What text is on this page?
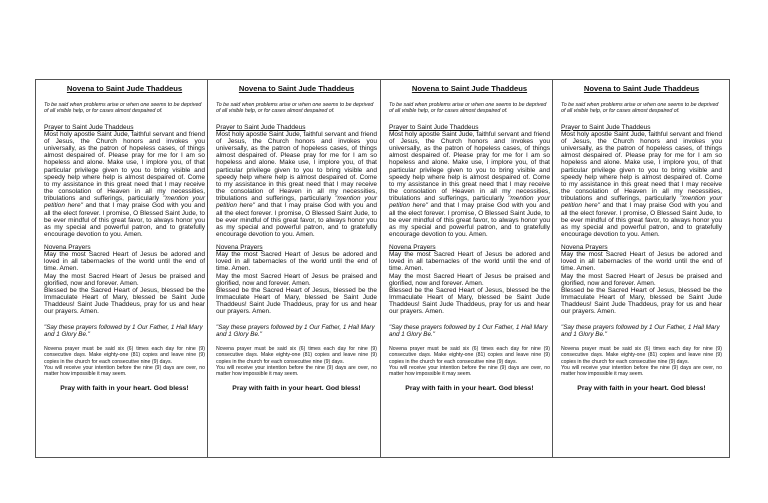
Novena to Saint Jude Thaddeus
To be said when problems arise or when one seems to be deprived of all visible help, or for cases almost despaired of.
Prayer to Saint Jude Thaddeus

Most holy apostle Saint Jude, faithful servant and friend of Jesus, the Church honors and invokes you universally, as the patron of hopeless cases, of things almost despaired of. Please pray for me for I am so hopeless and alone. Make use, I implore you, of that particular privilege given to you to bring visible and speedy help where help is almost despaired of. Come to my assistance in this great need that I may receive the consolation of Heaven in all my necessities, tribulations and sufferings, particularly "mention your petition here" and that I may praise God with you and all the elect forever. I promise, O Blessed Saint Jude, to be ever mindful of this great favor, to always honor you as my special and powerful patron, and to gratefully encourage devotion to you. Amen.

Novena Prayers

May the most Sacred Heart of Jesus be adored and loved in all tabernacles of the world until the end of time. Amen.
May the most Sacred Heart of Jesus be praised and glorified, now and forever. Amen.
Blessed be the Sacred Heart of Jesus, blessed be the Immaculate Heart of Mary, blessed be Saint Jude Thaddeus! Saint Jude Thaddeus, pray for us and hear our prayers. Amen.

"Say these prayers followed by 1 Our Father, 1 Hail Mary and 1 Glory Be."

Novena prayer must be said six (6) times each day for nine (9) consecutive days. Make eighty-one (81) copies and leave nine (9) copies in the church for each consecutive nine (9) days.
You will receive your intention before the nine (9) days are over, no matter how impossible it may seem.

Pray with faith in your heart. God bless!
Novena to Saint Jude Thaddeus
To be said when problems arise or when one seems to be deprived of all visible help, or for cases almost despaired of.
Prayer to Saint Jude Thaddeus

Most holy apostle Saint Jude, faithful servant and friend of Jesus, the Church honors and invokes you universally, as the patron of hopeless cases, of things almost despaired of. Please pray for me for I am so hopeless and alone. Make use, I implore you, of that particular privilege given to you to bring visible and speedy help where help is almost despaired of. Come to my assistance in this great need that I may receive the consolation of Heaven in all my necessities, tribulations and sufferings, particularly "mention your petition here" and that I may praise God with you and all the elect forever. I promise, O Blessed Saint Jude, to be ever mindful of this great favor, to always honor you as my special and powerful patron, and to gratefully encourage devotion to you. Amen.

Novena Prayers

May the most Sacred Heart of Jesus be adored and loved in all tabernacles of the world until the end of time. Amen.
May the most Sacred Heart of Jesus be praised and glorified, now and forever. Amen.
Blessed be the Sacred Heart of Jesus, blessed be the Immaculate Heart of Mary, blessed be Saint Jude Thaddeus! Saint Jude Thaddeus, pray for us and hear our prayers. Amen.

"Say these prayers followed by 1 Our Father, 1 Hail Mary and 1 Glory Be."

Novena prayer must be said six (6) times each day for nine (9) consecutive days. Make eighty-one (81) copies and leave nine (9) copies in the church for each consecutive nine (9) days.
You will receive your intention before the nine (9) days are over, no matter how impossible it may seem.

Pray with faith in your heart. God bless!
Novena to Saint Jude Thaddeus
To be said when problems arise or when one seems to be deprived of all visible help, or for cases almost despaired of.
Prayer to Saint Jude Thaddeus

Most holy apostle Saint Jude, faithful servant and friend of Jesus, the Church honors and invokes you universally, as the patron of hopeless cases, of things almost despaired of. Please pray for me for I am so hopeless and alone. Make use, I implore you, of that particular privilege given to you to bring visible and speedy help where help is almost despaired of. Come to my assistance in this great need that I may receive the consolation of Heaven in all my necessities, tribulations and sufferings, particularly "mention your petition here" and that I may praise God with you and all the elect forever. I promise, O Blessed Saint Jude, to be ever mindful of this great favor, to always honor you as my special and powerful patron, and to gratefully encourage devotion to you. Amen.

Novena Prayers

May the most Sacred Heart of Jesus be adored and loved in all tabernacles of the world until the end of time. Amen.
May the most Sacred Heart of Jesus be praised and glorified, now and forever. Amen.
Blessed be the Sacred Heart of Jesus, blessed be the Immaculate Heart of Mary, blessed be Saint Jude Thaddeus! Saint Jude Thaddeus, pray for us and hear our prayers. Amen.

"Say these prayers followed by 1 Our Father, 1 Hail Mary and 1 Glory Be."

Novena prayer must be said six (6) times each day for nine (9) consecutive days. Make eighty-one (81) copies and leave nine (9) copies in the church for each consecutive nine (9) days.
You will receive your intention before the nine (9) days are over, no matter how impossible it may seem.

Pray with faith in your heart. God bless!
Novena to Saint Jude Thaddeus
To be said when problems arise or when one seems to be deprived of all visible help, or for cases almost despaired of.
Prayer to Saint Jude Thaddeus

Most holy apostle Saint Jude, faithful servant and friend of Jesus, the Church honors and invokes you universally, as the patron of hopeless cases, of things almost despaired of. Please pray for me for I am so hopeless and alone. Make use, I implore you, of that particular privilege given to you to bring visible and speedy help where help is almost despaired of. Come to my assistance in this great need that I may receive the consolation of Heaven in all my necessities, tribulations and sufferings, particularly "mention your petition here" and that I may praise God with you and all the elect forever. I promise, O Blessed Saint Jude, to be ever mindful of this great favor, to always honor you as my special and powerful patron, and to gratefully encourage devotion to you. Amen.

Novena Prayers

May the most Sacred Heart of Jesus be adored and loved in all tabernacles of the world until the end of time. Amen.
May the most Sacred Heart of Jesus be praised and glorified, now and forever. Amen.
Blessed be the Sacred Heart of Jesus, blessed be the Immaculate Heart of Mary, blessed be Saint Jude Thaddeus! Saint Jude Thaddeus, pray for us and hear our prayers. Amen.

"Say these prayers followed by 1 Our Father, 1 Hail Mary and 1 Glory Be."

Novena prayer must be said six (6) times each day for nine (9) consecutive days. Make eighty-one (81) copies and leave nine (9) copies in the church for each consecutive nine (9) days.
You will receive your intention before the nine (9) days are over, no matter how impossible it may seem.

Pray with faith in your heart. God bless!
